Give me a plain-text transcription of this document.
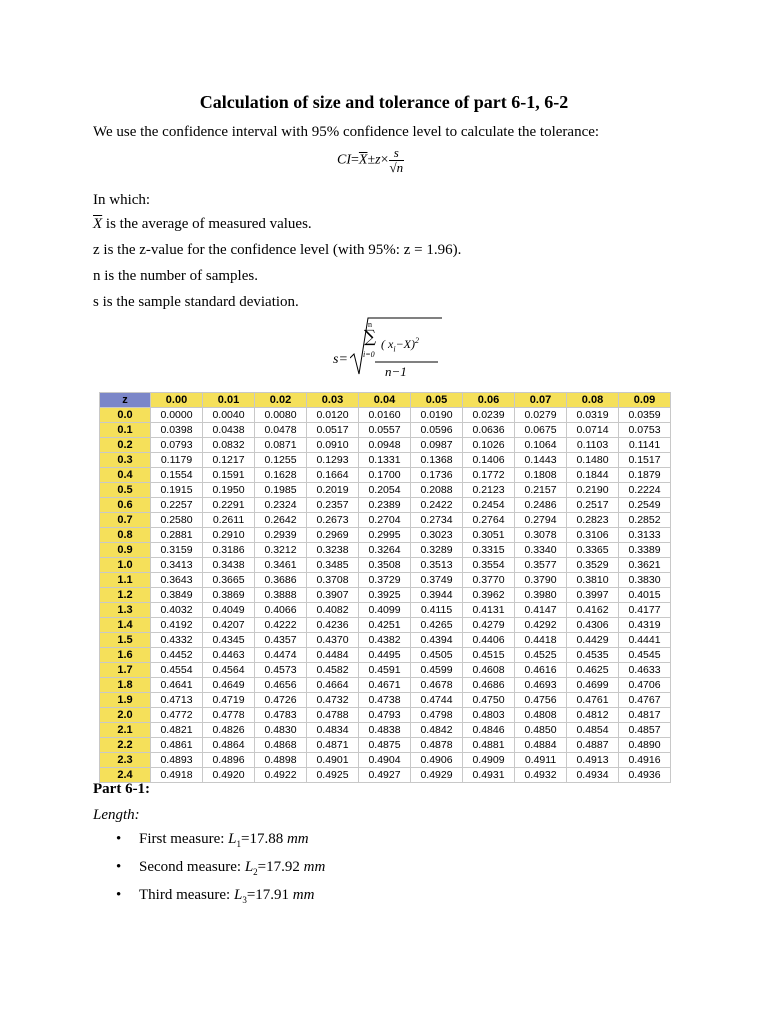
Calculation of size and tolerance of part 6-1, 6-2
We use the confidence interval with 95% confidence level to calculate the tolerance:
$CI=\overline{X}\pm z\times \frac{s}{√n}$
In which:
$\overline{X}$ is the average of measured values.
z is the z-value for the confidence level (with 95%: z = 1.96).
n is the number of samples.
s is the sample standard deviation.
s=
n
∑
i=0
( $x_i-X)^2$
n−1
z	0.00	0.01	0.02	0.03	0.04	0.05	0.06	0.07	0.08	0.09
0.0	0.0000	0.0040	0.0080	0.0120	0.0160	0.0190	0.0239	0.0279	0.0319	0.0359
0.1	0.0398	0.0438	0.0478	0.0517	0.0557	0.0596	0.0636	0.0675	0.0714	0.0753
0.2	0.0793	0.0832	0.0871	0.0910	0.0948	0.0987	0.1026	0.1064	0.1103	0.1141
0.3	0.1179	0.1217	0.1255	0.1293	0.1331	0.1368	0.1406	0.1443	0.1480	0.1517
0.4	0.1554	0.1591	0.1628	0.1664	0.1700	0.1736	0.1772	0.1808	0.1844	0.1879
0.5	0.1915	0.1950	0.1985	0.2019	0.2054	0.2088	0.2123	0.2157	0.2190	0.2224
0.6	0.2257	0.2291	0.2324	0.2357	0.2389	0.2422	0.2454	0.2486	0.2517	0.2549
0.7	0.2580	0.2611	0.2642	0.2673	0.2704	0.2734	0.2764	0.2794	0.2823	0.2852
0.8	0.2881	0.2910	0.2939	0.2969	0.2995	0.3023	0.3051	0.3078	0.3106	0.3133
0.9	0.3159	0.3186	0.3212	0.3238	0.3264	0.3289	0.3315	0.3340	0.3365	0.3389
1.0	0.3413	0.3438	0.3461	0.3485	0.3508	0.3513	0.3554	0.3577	0.3529	0.3621
1.1	0.3643	0.3665	0.3686	0.3708	0.3729	0.3749	0.3770	0.3790	0.3810	0.3830
1.2	0.3849	0.3869	0.3888	0.3907	0.3925	0.3944	0.3962	0.3980	0.3997	0.4015
1.3	0.4032	0.4049	0.4066	0.4082	0.4099	0.4115	0.4131	0.4147	0.4162	0.4177
1.4	0.4192	0.4207	0.4222	0.4236	0.4251	0.4265	0.4279	0.4292	0.4306	0.4319
1.5	0.4332	0.4345	0.4357	0.4370	0.4382	0.4394	0.4406	0.4418	0.4429	0.4441
1.6	0.4452	0.4463	0.4474	0.4484	0.4495	0.4505	0.4515	0.4525	0.4535	0.4545
1.7	0.4554	0.4564	0.4573	0.4582	0.4591	0.4599	0.4608	0.4616	0.4625	0.4633
1.8	0.4641	0.4649	0.4656	0.4664	0.4671	0.4678	0.4686	0.4693	0.4699	0.4706
1.9	0.4713	0.4719	0.4726	0.4732	0.4738	0.4744	0.4750	0.4756	0.4761	0.4767
2.0	0.4772	0.4778	0.4783	0.4788	0.4793	0.4798	0.4803	0.4808	0.4812	0.4817
2.1	0.4821	0.4826	0.4830	0.4834	0.4838	0.4842	0.4846	0.4850	0.4854	0.4857
2.2	0.4861	0.4864	0.4868	0.4871	0.4875	0.4878	0.4881	0.4884	0.4887	0.4890
2.3	0.4893	0.4896	0.4898	0.4901	0.4904	0.4906	0.4909	0.4911	0.4913	0.4916
2.4	0.4918	0.4920	0.4922	0.4925	0.4927	0.4929	0.4931	0.4932	0.4934	0.4936
Part 6-1:
Length:
• First measure: $L_1=17.88$ mm
• Second measure: $L_2=17.92$ mm
• Third measure: $L_3=17.91$ mm
